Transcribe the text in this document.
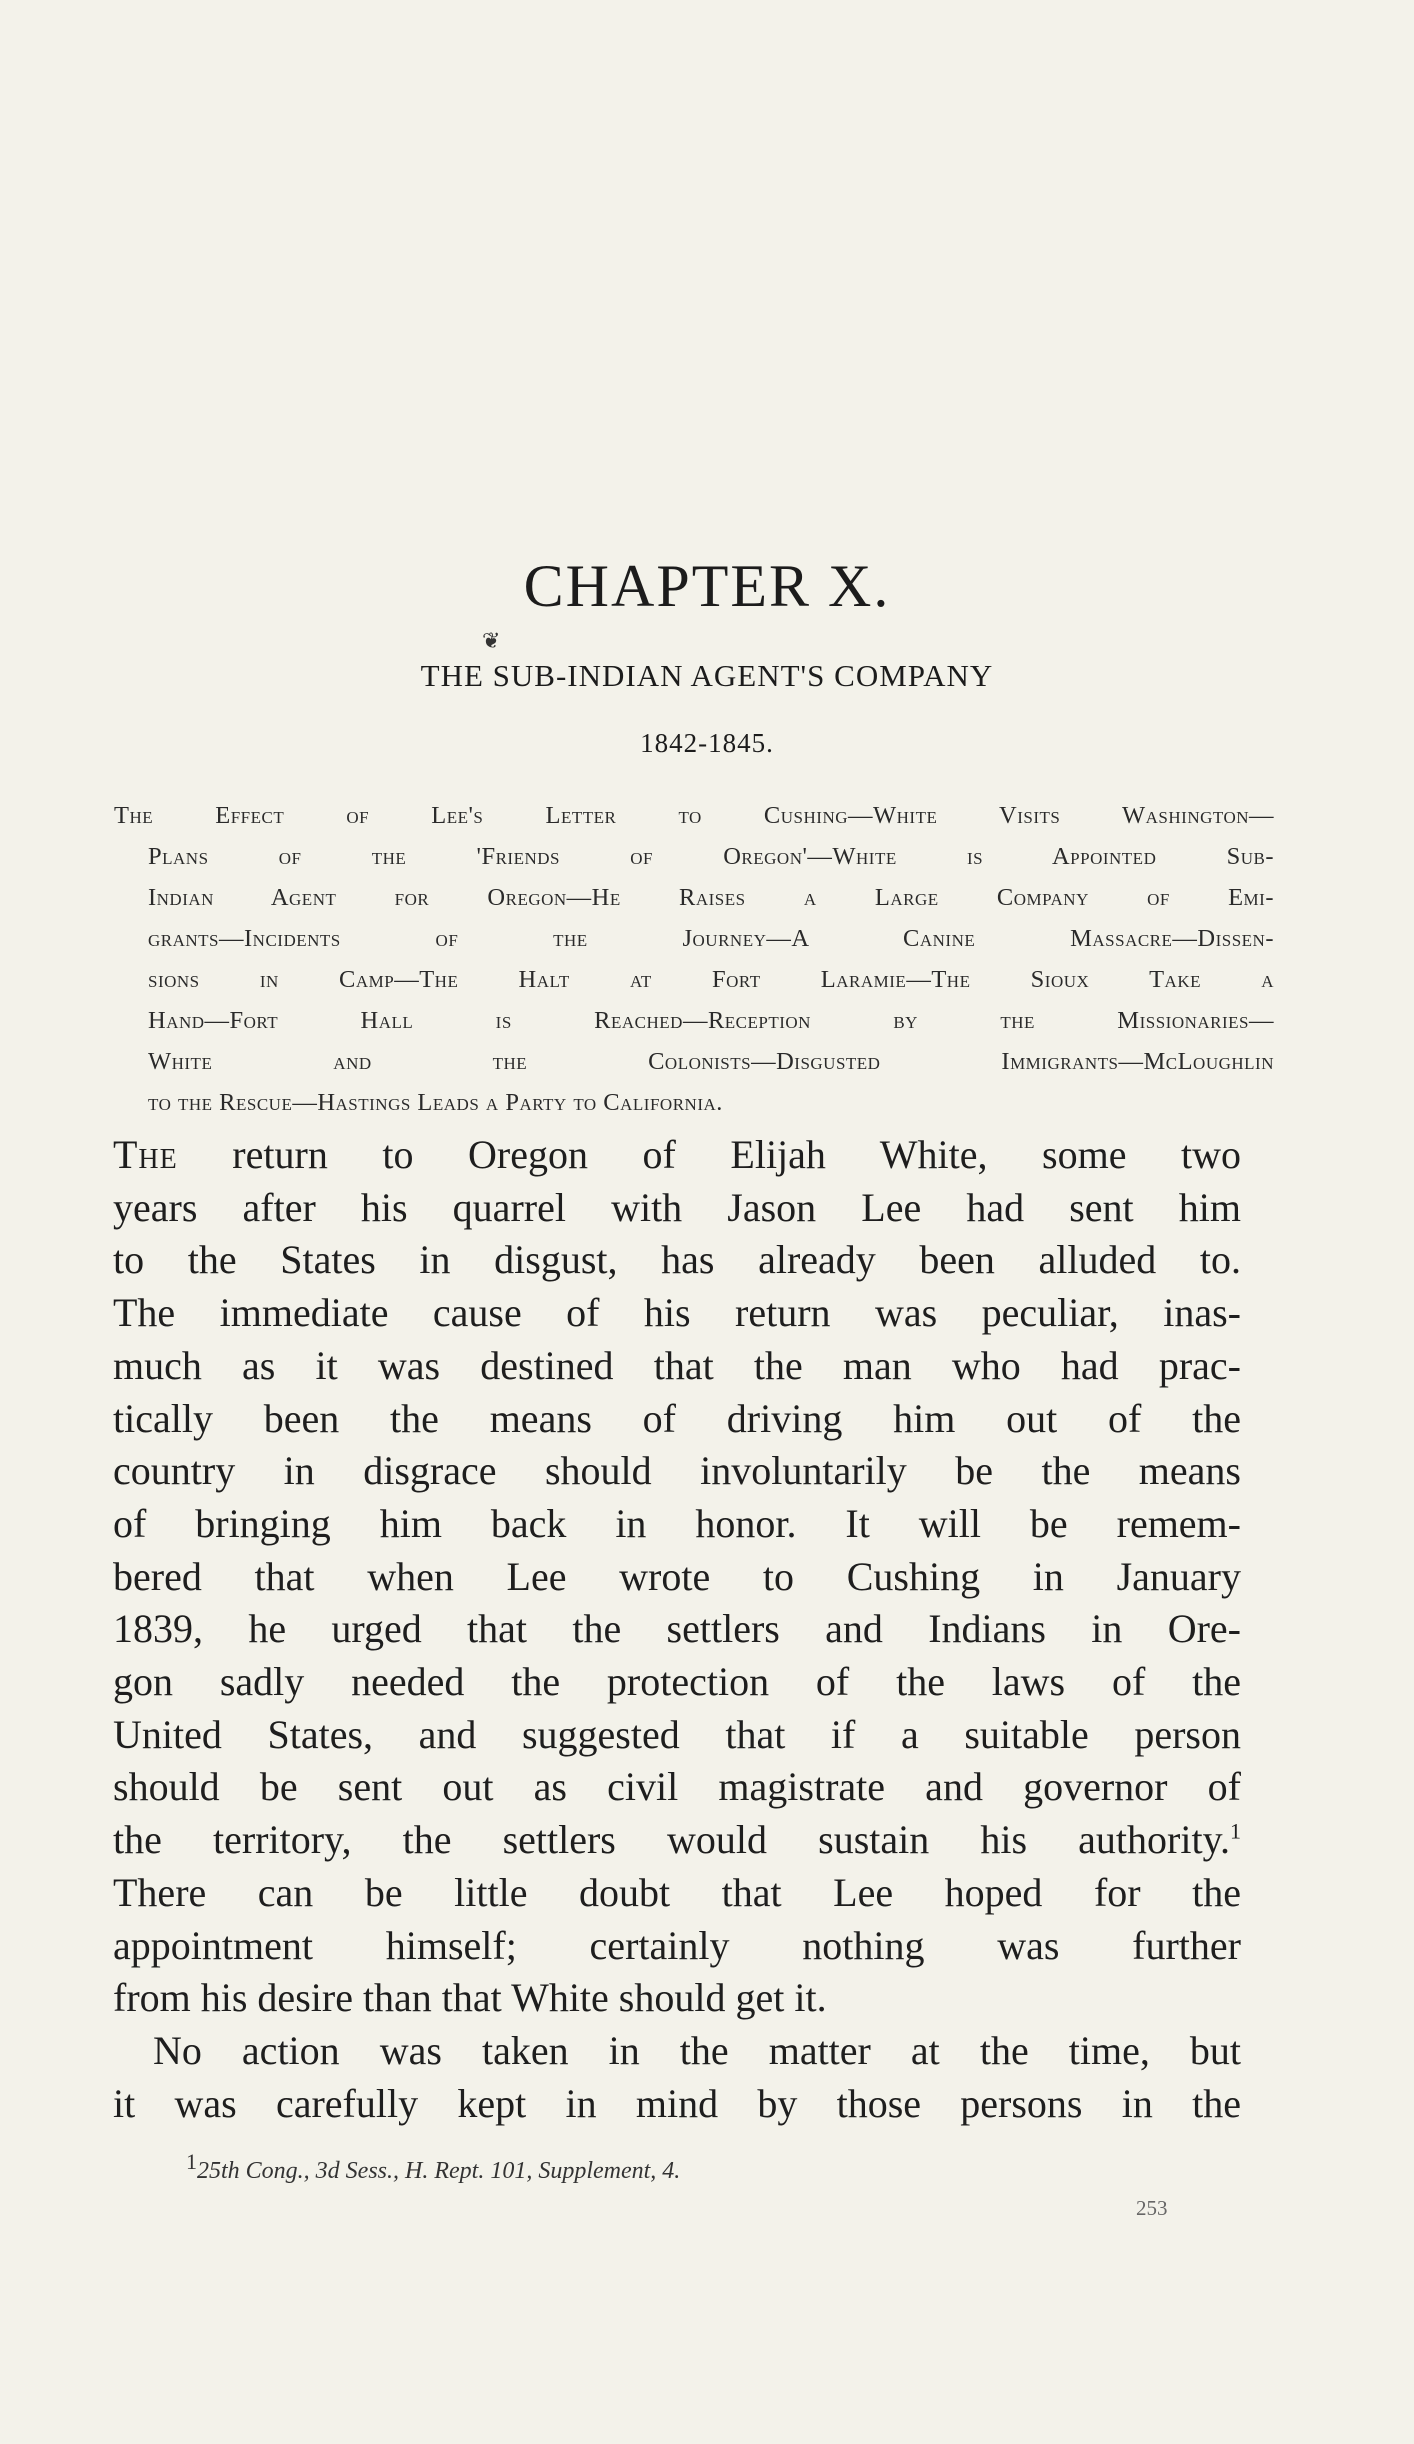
CHAPTER X.
❦
THE SUB-INDIAN AGENT'S COMPANY
1842-1845.
The Effect of Lee's Letter to Cushing—White Visits Washington—
Plans of the 'Friends of Oregon'—White is Appointed Sub-
Indian Agent for Oregon—He Raises a Large Company of Emi-
grants—Incidents of the Journey—A Canine Massacre—Dissen-
sions in Camp—The Halt at Fort Laramie—The Sioux Take a
Hand—Fort Hall is Reached—Reception by the Missionaries—
White and the Colonists—Disgusted Immigrants—McLoughlin
to the Rescue—Hastings Leads a Party to California.
The return to Oregon of Elijah White, some two
years after his quarrel with Jason Lee had sent him
to the States in disgust, has already been alluded to.
The immediate cause of his return was peculiar, inas-
much as it was destined that the man who had prac-
tically been the means of driving him out of the
country in disgrace should involuntarily be the means
of bringing him back in honor. It will be remem-
bered that when Lee wrote to Cushing in January
1839, he urged that the settlers and Indians in Ore-
gon sadly needed the protection of the laws of the
United States, and suggested that if a suitable person
should be sent out as civil magistrate and governor of
the territory, the settlers would sustain his authority.$^1$
There can be little doubt that Lee hoped for the
appointment himself; certainly nothing was further
from his desire than that White should get it.
No action was taken in the matter at the time, but
it was carefully kept in mind by those persons in the
$^1$25th Cong., 3d Sess., H. Rept. 101, Supplement, 4.
253
